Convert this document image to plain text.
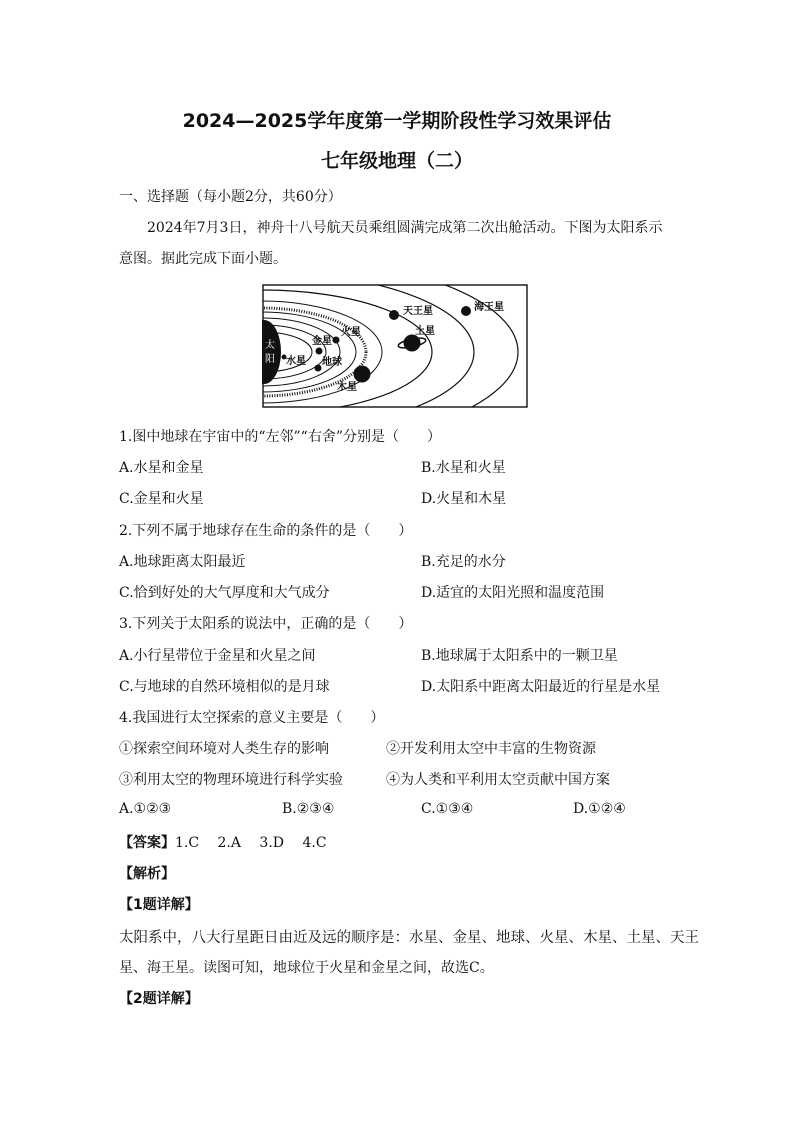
2024—2025学年度第一学期阶段性学习效果评估
七年级地理（二）
一、选择题（每小题2分，共60分）
2024年7月3日，神舟十八号航天员乘组圆满完成第二次出舱活动。下图为太阳系示
意图。据此完成下面小题。
太
阳 水星
金星
地球
火星
木星
土星
天王星	海王星
1.图中地球在宇宙中的“左邻”“右舍”分别是（　　）
A.水星和金星	B.水星和火星
C.金星和火星	D.火星和木星
2.下列不属于地球存在生命的条件的是（　　）
A.地球距离太阳最近	B.充足的水分
C.恰到好处的大气厚度和大气成分	D.适宜的太阳光照和温度范围
3.下列关于太阳系的说法中，正确的是（　　）
A.小行星带位于金星和火星之间	B.地球属于太阳系中的一颗卫星
C.与地球的自然环境相似的是月球	D.太阳系中距离太阳最近的行星是水星
4.我国进行太空探索的意义主要是（　　）
①探索空间环境对人类生存的影响	②开发利用太空中丰富的生物资源
③利用太空的物理环境进行科学实验	④为人类和平利用太空贡献中国方案
A.①②③	B.②③④	C.①③④	D.①②④
【答案】1.C　 2.A　 3.D　 4.C
【解析】
【1题详解】
太阳系中，八大行星距日由近及远的顺序是：水星、金星、地球、火星、木星、土星、天王
星、海王星。读图可知，地球位于火星和金星之间，故选C。
【2题详解】
